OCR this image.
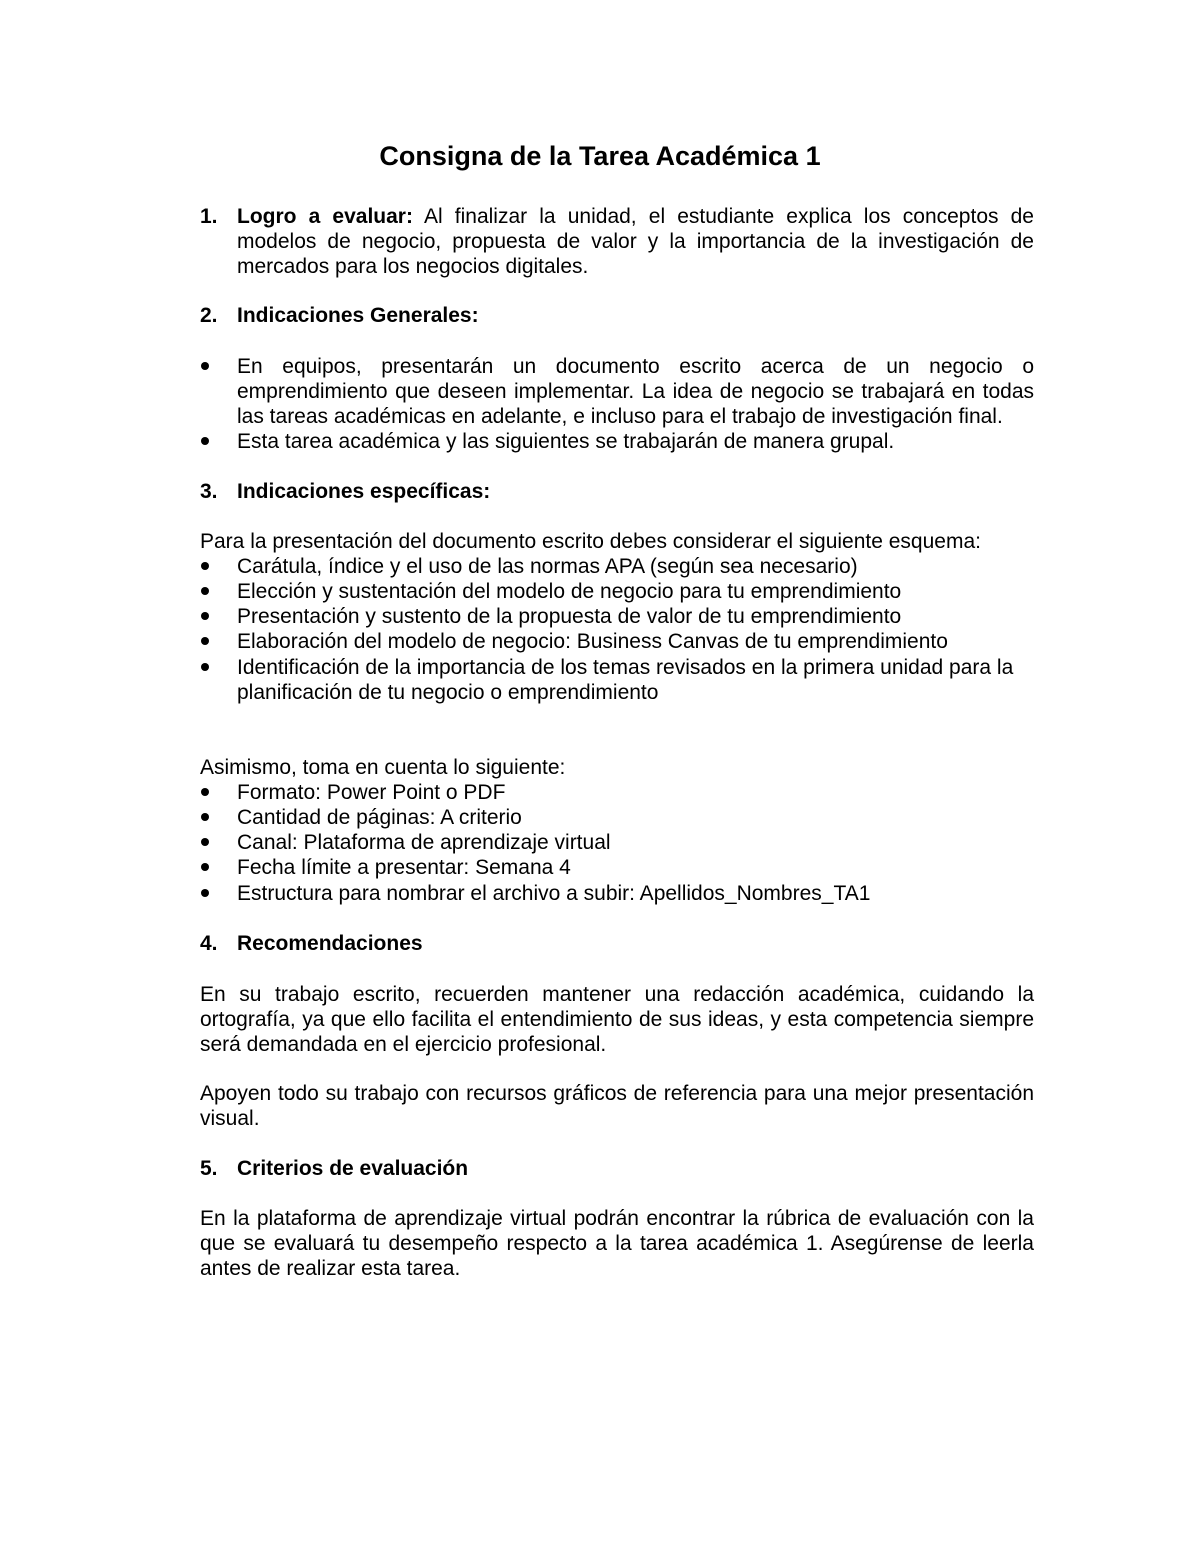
Consigna de la Tarea Académica 1
1. Logro a evaluar: Al finalizar la unidad, el estudiante explica los conceptos de modelos de negocio, propuesta de valor y la importancia de la investigación de mercados para los negocios digitales.
2. Indicaciones Generales:
En equipos, presentarán un documento escrito acerca de un negocio o emprendimiento que deseen implementar. La idea de negocio se trabajará en todas las tareas académicas en adelante, e incluso para el trabajo de investigación final.
Esta tarea académica y las siguientes se trabajarán de manera grupal.
3. Indicaciones específicas:
Para la presentación del documento escrito debes considerar el siguiente esquema:
Carátula, índice y el uso de las normas APA (según sea necesario)
Elección y sustentación del modelo de negocio para tu emprendimiento
Presentación y sustento de la propuesta de valor de tu emprendimiento
Elaboración del modelo de negocio: Business Canvas de tu emprendimiento
Identificación de la importancia de los temas revisados en la primera unidad para la planificación de tu negocio o emprendimiento
Asimismo, toma en cuenta lo siguiente:
Formato: Power Point o PDF
Cantidad de páginas: A criterio
Canal: Plataforma de aprendizaje virtual
Fecha límite a presentar: Semana 4
Estructura para nombrar el archivo a subir: Apellidos_Nombres_TA1
4. Recomendaciones
En su trabajo escrito, recuerden mantener una redacción académica, cuidando la ortografía, ya que ello facilita el entendimiento de sus ideas, y esta competencia siempre será demandada en el ejercicio profesional.
Apoyen todo su trabajo con recursos gráficos de referencia para una mejor presentación visual.
5. Criterios de evaluación
En la plataforma de aprendizaje virtual podrán encontrar la rúbrica de evaluación con la que se evaluará tu desempeño respecto a la tarea académica 1. Asegúrense de leerla antes de realizar esta tarea.
